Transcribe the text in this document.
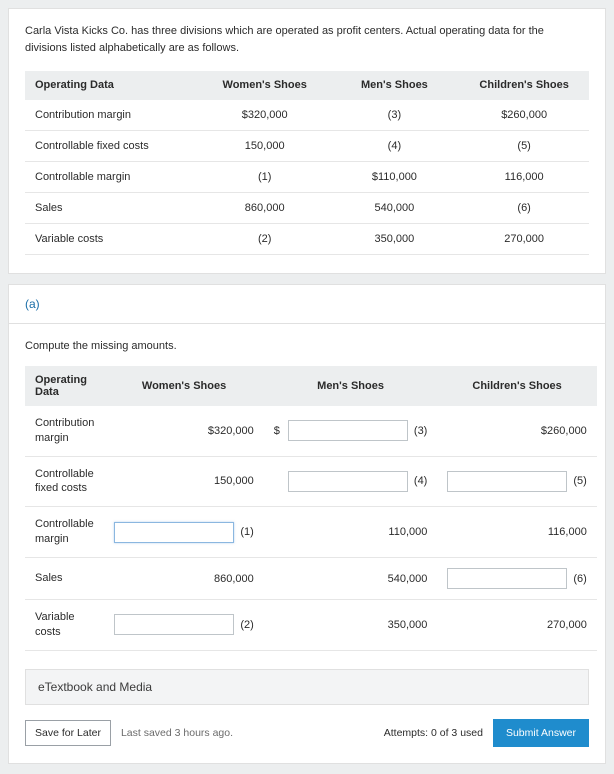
Carla Vista Kicks Co. has three divisions which are operated as profit centers. Actual operating data for the divisions listed alphabetically are as follows.

Operating Data	Women's Shoes	Men's Shoes	Children's Shoes
Contribution margin	$320,000	(3)	$260,000
Controllable fixed costs	150,000	(4)	(5)
Controllable margin	(1)	$110,000	116,000
Sales	860,000	540,000	(6)
Variable costs	(2)	350,000	270,000
(a)

Compute the missing amounts.

Operating Data	Women's Shoes	Men's Shoes	Children's Shoes
Contribution margin	$320,000	$ (3)	$260,000

Controllable fixed costs	150,000	(4)	(5)

Controllable margin	(1)	110,000	116,000

Sales	860,000	540,000	(6)

Variable costs	(2)	350,000	270,000
eTextbook and Media
Save for Later	Last saved 3 hours ago.	Attempts: 0 of 3 used	Submit Answer
